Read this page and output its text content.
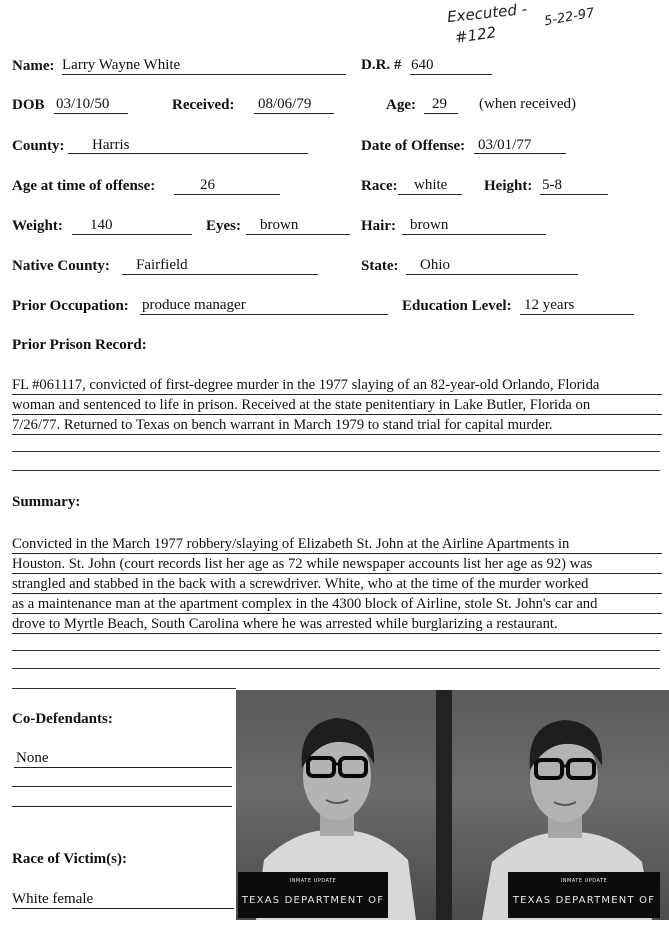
Executed -
#122
5-22-97
Name: Larry Wayne White	D.R. # 640
DOB 03/10/50	Received: 08/06/79	Age: 29 (when received)
County: Harris	Date of Offense: 03/01/77
Age at time of offense:	26	Race: white Height: 5-8
Weight: 140	Eyes: brown	Hair: brown
Native County: Fairfield	State: Ohio
Prior Occupation: produce manager	Education Level: 12 years
Prior Prison Record:
FL #061117, convicted of first-degree murder in the 1977 slaying of an 82-year-old Orlando, Florida
woman and sentenced to life in prison. Received at the state penitentiary in Lake Butler, Florida on
7/26/77. Returned to Texas on bench warrant in March 1979 to stand trial for capital murder.
Summary:
Convicted in the March 1977 robbery/slaying of Elizabeth St. John at the Airline Apartments in
Houston. St. John (court records list her age as 72 while newspaper accounts list her age as 92) was
strangled and stabbed in the back with a screwdriver. White, who at the time of the murder worked
as a maintenance man at the apartment complex in the 4300 block of Airline, stole St. John's car and
drove to Myrtle Beach, South Carolina where he was arrested while burglarizing a restaurant.
Co-Defendants:
None
Race of Victim(s):
White female
INMATE UPDATE
TEXAS DEPARTMENT OF
INMATE UPDATE
TEXAS DEPARTMENT OF
